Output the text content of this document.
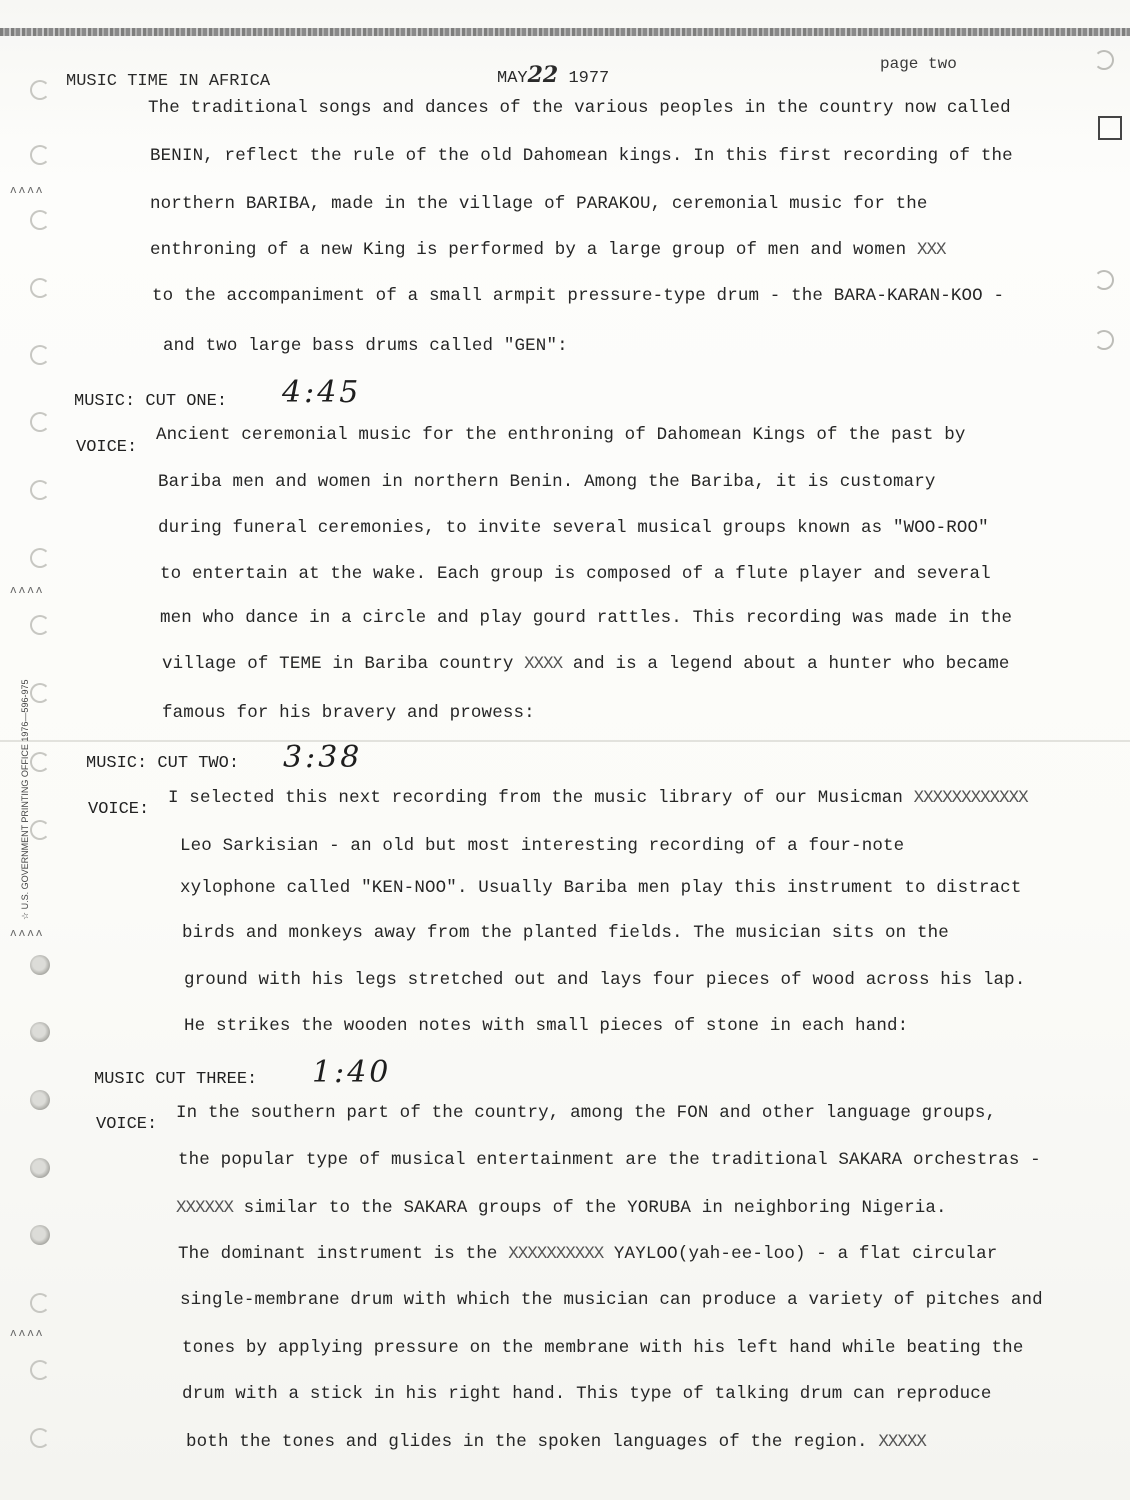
ʌʌʌʌ
ʌʌʌʌ
ʌʌʌʌ
ʌʌʌʌ
☆ U.S. GOVERNMENT PRINTING OFFICE 1976—596-975
MUSIC TIME IN AFRICA	MAY22 1977
page two
The traditional songs and dances of the various peoples in the country now called
BENIN, reflect the rule of the old Dahomean kings. In this first recording of the
northern BARIBA, made in the village of PARAKOU, ceremonial music for the
enthroning of a new King is performed by a large group of men and women XXX
to the accompaniment of a small armpit pressure-type drum - the BARA-KARAN-KOO -
and two large bass drums called "GEN":
MUSIC: CUT ONE: 4:45
VOICE:
Ancient ceremonial music for the enthroning of Dahomean Kings of the past by
Bariba men and women in northern Benin. Among the Bariba, it is customary
during funeral ceremonies, to invite several musical groups known as "WOO-ROO"
to entertain at the wake. Each group is composed of a flute player and several
men who dance in a circle and play gourd rattles. This recording was made in the
village of TEME in Bariba country XXXX and is a legend about a hunter who became
famous for his bravery and prowess:
MUSIC: CUT TWO: 3:38
VOICE:
I selected this next recording from the music library of our Musicman XXXXXXXXXXXX
Leo Sarkisian - an old but most interesting recording of a four-note
xylophone called "KEN-NOO". Usually Bariba men play this instrument to distract
birds and monkeys away from the planted fields. The musician sits on the
ground with his legs stretched out and lays four pieces of wood across his lap.
He strikes the wooden notes with small pieces of stone in each hand:
MUSIC CUT THREE: 1:40
VOICE:
In the southern part of the country, among the FON and other language groups,
the popular type of musical entertainment are the traditional SAKARA orchestras -
XXXXXX similar to the SAKARA groups of the YORUBA in neighboring Nigeria.
The dominant instrument is the XXXXXXXXXX YAYLOO(yah-ee-loo) - a flat circular
single-membrane drum with which the musician can produce a variety of pitches and
tones by applying pressure on the membrane with his left hand while beating the
drum with a stick in his right hand. This type of talking drum can reproduce
both the tones and glides in the spoken languages of the region. XXXXX
